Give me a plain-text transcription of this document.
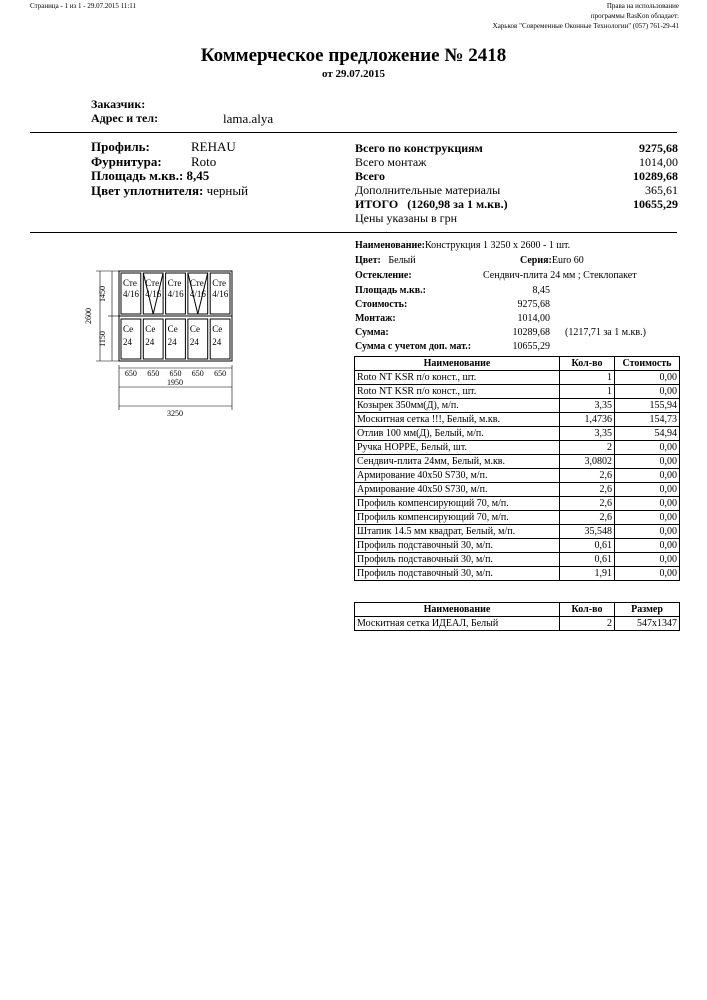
Страница - 1 из 1 - 29.07.2015 11:11	Права на использование
программы RasKon обладает:
Харьков "Современные Оконные Технологии" (057) 761-29-41
Коммерческое предложение № 2418
от 29.07.2015
Заказчик:
Адрес и тел:	lama.alya
Профиль:	REHAU
Фурнитура: Roto
Площадь м.кв.: 8,45
Цвет уплотнителя: черный
Всего по конструкциям	9275,68
Всего монтаж	1014,00
Всего	10289,68
Дополнительные материалы	365,61
ИТОГО (1260,98 за 1 м.кв.)	10655,29
Цены указаны в грн
Наименование:Конструкция 1 3250 x 2600 - 1 шт.
Цвет: Белый	Серия:Euro 60
Остекление:	Сендвич-плита 24 мм ; Стеклопакет
Площадь м.кв.:	8,45
Стоимость:	9275,68
Монтаж:	1014,00
Сумма:	10289,68 (1217,71 за 1 м.кв.)
Сумма с учетом доп. мат.:	10655,29
Сте
4/16
Се
24
Сте
4/16
Се
24
Сте
4/16
Се
24
Сте
4/16
Се
24
Сте
4/16
Се
24
2600
1450
1150
650 650 650 650 650
1950
3250
Наименование	Кол-во	Стоимость
Roto NT KSR п/о конст., шт.	1	0,00
Roto NT KSR п/о конст., шт.	1	0,00
Козырек 350мм(Д), м/п.	3,35	155,94
Москитная сетка !!!, Белый, м.кв.	1,4736	154,73
Отлив 100 мм(Д), Белый, м/п.	3,35	54,94
Ручка HOPPE, Белый, шт.	2	0,00
Сендвич-плита 24мм, Белый, м.кв.	3,0802	0,00
Армирование 40x50 S730, м/п.	2,6	0,00
Армирование 40x50 S730, м/п.	2,6	0,00
Профиль компенсирующий 70, м/п.	2,6	0,00
Профиль компенсирующий 70, м/п.	2,6	0,00
Штапик 14.5 мм квадрат, Белый, м/п.	35,548	0,00
Профиль подставочный 30, м/п.	0,61	0,00
Профиль подставочный 30, м/п.	0,61	0,00
Профиль подставочный 30, м/п.	1,91	0,00
Наименование	Кол-во	Размер
Москитная сетка ИДЕАЛ, Белый	2	547x1347
